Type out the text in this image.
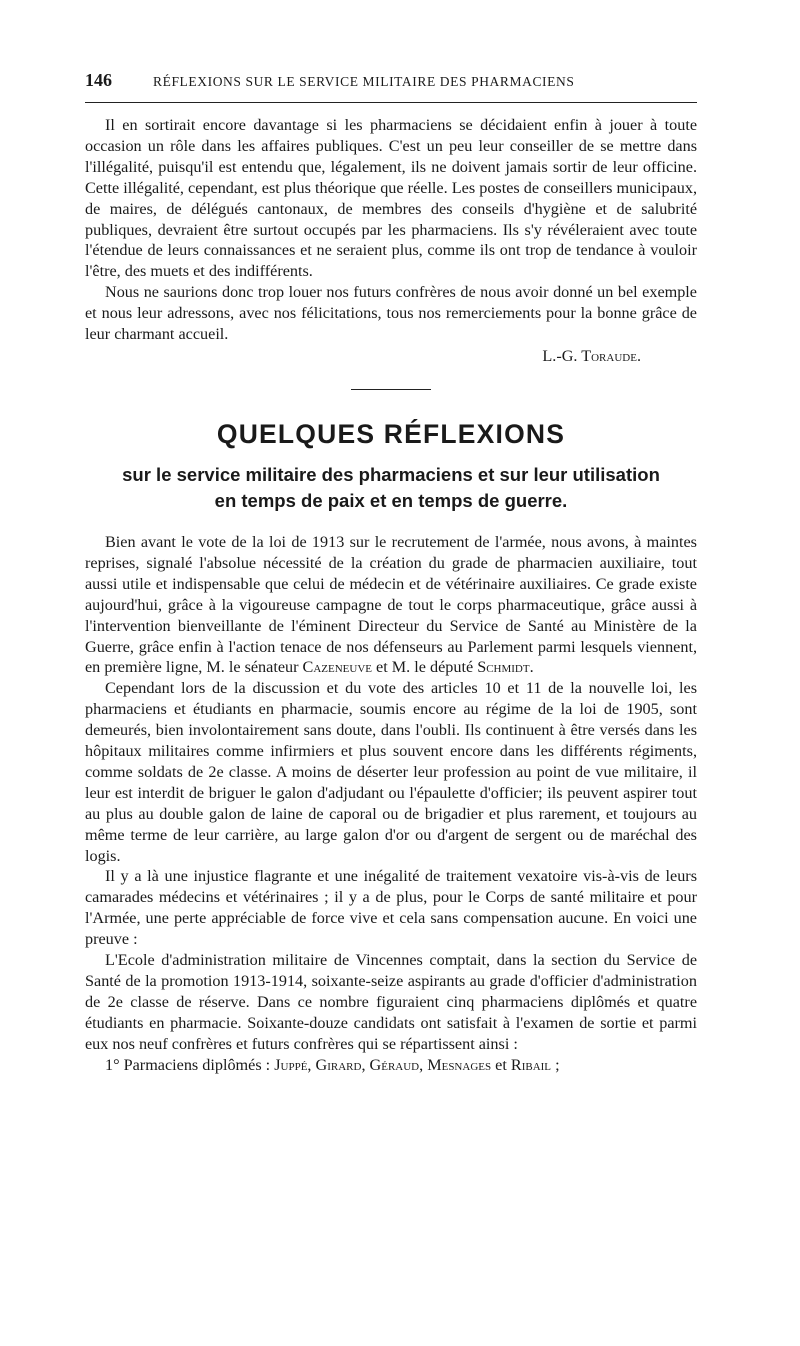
146	RÉFLEXIONS SUR LE SERVICE MILITAIRE DES PHARMACIENS

Il en sortirait encore davantage si les pharmaciens se décidaient enfin à jouer à toute occasion un rôle dans les affaires publiques. C'est un peu leur conseiller de se mettre dans l'illégalité, puisqu'il est entendu que, légalement, ils ne doivent jamais sortir de leur officine. Cette illégalité, cependant, est plus théorique que réelle. Les postes de conseillers municipaux, de maires, de délégués cantonaux, de membres des conseils d'hygiène et de salubrité publiques, devraient être surtout occupés par les pharmaciens. Ils s'y révéleraient avec toute l'étendue de leurs connaissances et ne seraient plus, comme ils ont trop de tendance à vouloir l'être, des muets et des indifférents.

Nous ne saurions donc trop louer nos futurs confrères de nous avoir donné un bel exemple et nous leur adressons, avec nos félicitations, tous nos remerciements pour la bonne grâce de leur charmant accueil.

L.-G. Toraude.
QUELQUES RÉFLEXIONS
sur le service militaire des pharmaciens et sur leur utilisation
en temps de paix et en temps de guerre.

Bien avant le vote de la loi de 1913 sur le recrutement de l'armée, nous avons, à maintes reprises, signalé l'absolue nécessité de la création du grade de pharmacien auxiliaire, tout aussi utile et indispensable que celui de médecin et de vétérinaire auxiliaires. Ce grade existe aujourd'hui, grâce à la vigoureuse campagne de tout le corps pharmaceutique, grâce aussi à l'intervention bienveillante de l'éminent Directeur du Service de Santé au Ministère de la Guerre, grâce enfin à l'action tenace de nos défenseurs au Parlement parmi lesquels viennent, en première ligne, M. le sénateur Cazeneuve et M. le député Schmidt.

Cependant lors de la discussion et du vote des articles 10 et 11 de la nouvelle loi, les pharmaciens et étudiants en pharmacie, soumis encore au régime de la loi de 1905, sont demeurés, bien involontairement sans doute, dans l'oubli. Ils continuent à être versés dans les hôpitaux militaires comme infirmiers et plus souvent encore dans les différents régiments, comme soldats de 2e classe. A moins de déserter leur profession au point de vue militaire, il leur est interdit de briguer le galon d'adjudant ou l'épaulette d'officier; ils peuvent aspirer tout au plus au double galon de laine de caporal ou de brigadier et plus rarement, et toujours au même terme de leur carrière, au large galon d'or ou d'argent de sergent ou de maréchal des logis.

Il y a là une injustice flagrante et une inégalité de traitement vexatoire vis-à-vis de leurs camarades médecins et vétérinaires ; il y a de plus, pour le Corps de santé militaire et pour l'Armée, une perte appréciable de force vive et cela sans compensation aucune. En voici une preuve :

L'Ecole d'administration militaire de Vincennes comptait, dans la section du Service de Santé de la promotion 1913-1914, soixante-seize aspirants au grade d'officier d'administration de 2e classe de réserve. Dans ce nombre figuraient cinq pharmaciens diplômés et quatre étudiants en pharmacie. Soixante-douze candidats ont satisfait à l'examen de sortie et parmi eux nos neuf confrères et futurs confrères qui se répartissent ainsi :

1° Parmaciens diplômés : Juppé, Girard, Géraud, Mesnages et Ribail ;
